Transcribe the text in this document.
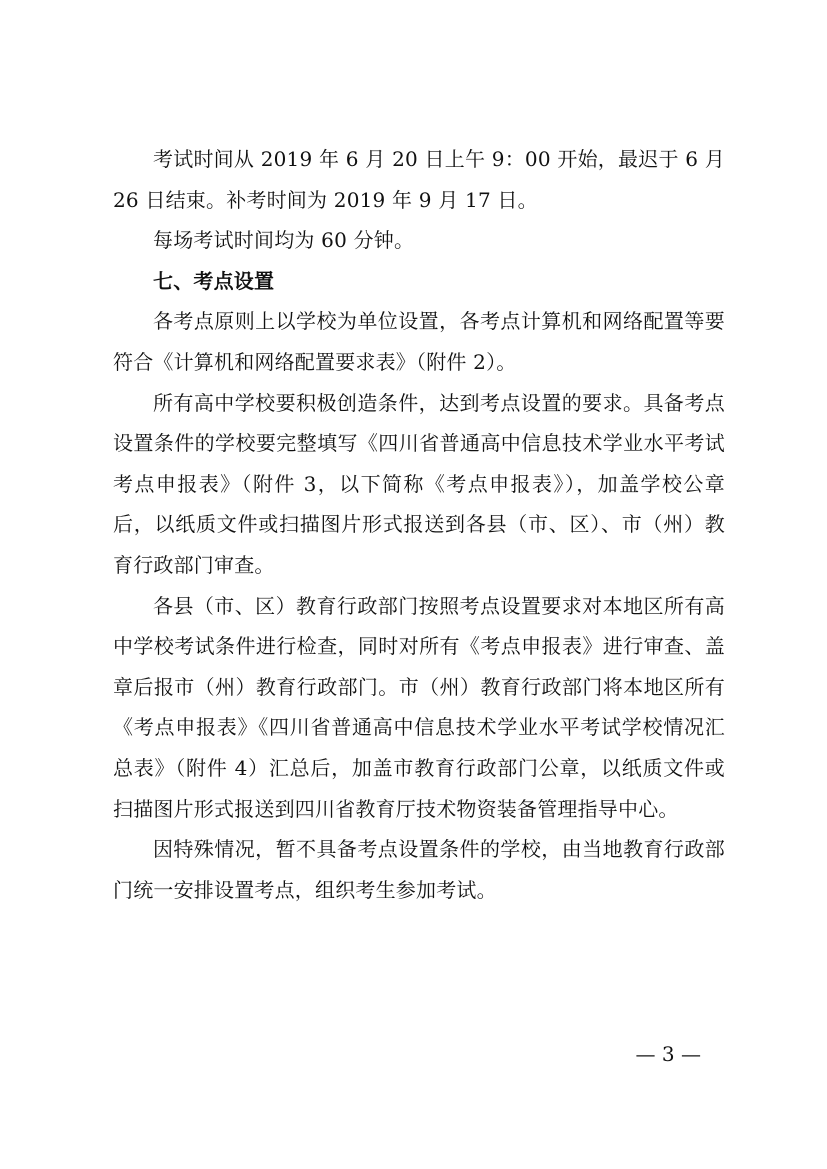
考试时间从 2019 年 6 月 20 日上午 9：00 开始，最迟于 6 月 26 日结束。补考时间为 2019 年 9 月 17 日。

每场考试时间均为 60 分钟。

七、考点设置

各考点原则上以学校为单位设置，各考点计算机和网络配置等要符合《计算机和网络配置要求表》（附件 2）。

所有高中学校要积极创造条件，达到考点设置的要求。具备考点设置条件的学校要完整填写《四川省普通高中信息技术学业水平考试考点申报表》（附件 3，以下简称《考点申报表》），加盖学校公章后，以纸质文件或扫描图片形式报送到各县（市、区）、市（州）教育行政部门审查。

各县（市、区）教育行政部门按照考点设置要求对本地区所有高中学校考试条件进行检查，同时对所有《考点申报表》进行审查、盖章后报市（州）教育行政部门。市（州）教育行政部门将本地区所有《考点申报表》《四川省普通高中信息技术学业水平考试学校情况汇总表》（附件 4）汇总后，加盖市教育行政部门公章，以纸质文件或扫描图片形式报送到四川省教育厅技术物资装备管理指导中心。

因特殊情况，暂不具备考点设置条件的学校，由当地教育行政部门统一安排设置考点，组织考生参加考试。

— 3 —
